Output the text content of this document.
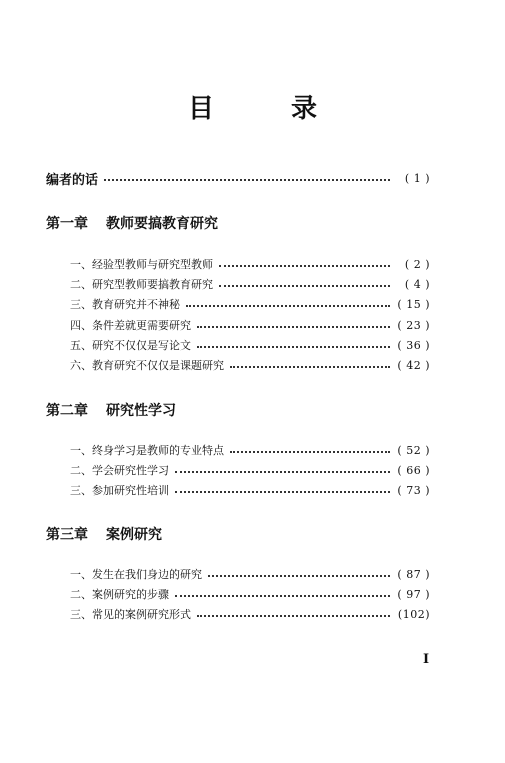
目 录
编者的话	( 1 )
第一章 教师要搞教育研究
一、经验型教师与研究型教师	( 2 )
二、研究型教师要搞教育研究	( 4 )
三、教育研究并不神秘	( 15 )
四、条件差就更需要研究	( 23 )
五、研究不仅仅是写论文	( 36 )
六、教育研究不仅仅是课题研究	( 42 )
第二章 研究性学习
一、终身学习是教师的专业特点	( 52 )
二、学会研究性学习	( 66 )
三、参加研究性培训	( 73 )
第三章 案例研究
一、发生在我们身边的研究	( 87 )
二、案例研究的步骤	( 97 )
三、常见的案例研究形式	(102)
I
